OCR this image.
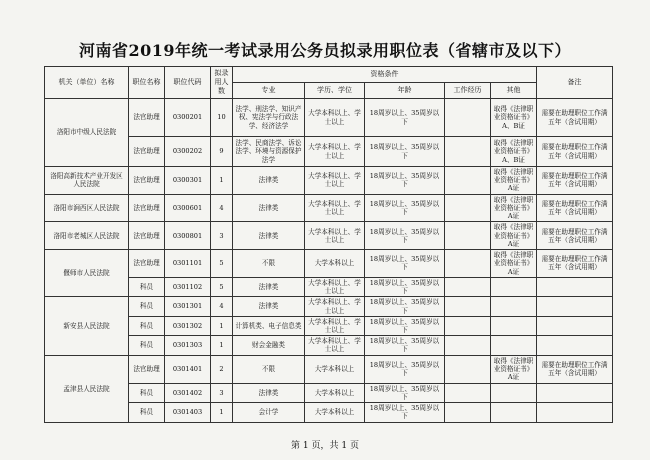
河南省2019年统一考试录用公务员拟录用职位表（省辖市及以下）
机关（单位）名称	职位名称	职位代码	拟录用人数	资格条件					备注
				专业	学历、学位	年龄	工作经历	其他	
洛阳市中级人民法院	法官助理	0300201	10	法学、刑法学、知识产权、宪法学与行政法学、经济法学	大学本科以上、学士以上	18周岁以上、35周岁以下		取得《法律职业资格证书》A、B证	需要在助理职位工作满五年（含试用期）
	法官助理	0300202	9	法学、民商法学、诉讼法学、环境与资源保护法学	大学本科以上、学士以上	18周岁以上、35周岁以下		取得《法律职业资格证书》A、B证	需要在助理职位工作满五年（含试用期）
洛阳高新技术产业开发区人民法院	法官助理	0300301	1	法律类	大学本科以上、学士以上	18周岁以上、35周岁以下		取得《法律职业资格证书》A证	需要在助理职位工作满五年（含试用期）
洛阳市涧西区人民法院	法官助理	0300601	4	法律类	大学本科以上、学士以上	18周岁以上、35周岁以下		取得《法律职业资格证书》A证	需要在助理职位工作满五年（含试用期）
洛阳市老城区人民法院	法官助理	0300801	3	法律类	大学本科以上、学士以上	18周岁以上、35周岁以下		取得《法律职业资格证书》A证	需要在助理职位工作满五年（含试用期）
偃师市人民法院	法官助理	0301101	5	不限	大学本科以上	18周岁以上、35周岁以下		取得《法律职业资格证书》A证	需要在助理职位工作满五年（含试用期）
	科员	0301102	5	法律类	大学本科以上、学士以上	18周岁以上、35周岁以下			
新安县人民法院	科员	0301301	4	法律类	大学本科以上、学士以上	18周岁以上、35周岁以下			
	科员	0301302	1	计算机类、电子信息类	大学本科以上、学士以上	18周岁以上、35周岁以下			
	科员	0301303	1	财会金融类	大学本科以上、学士以上	18周岁以上、35周岁以下			
孟津县人民法院	法官助理	0301401	2	不限	大学本科以上	18周岁以上、35周岁以下		取得《法律职业资格证书》A证	需要在助理职位工作满五年（含试用期）
	科员	0301402	3	法律类	大学本科以上	18周岁以上、35周岁以下			
	科员	0301403	1	会计学	大学本科以上	18周岁以上、35周岁以下			
第 1 页，共 1 页
